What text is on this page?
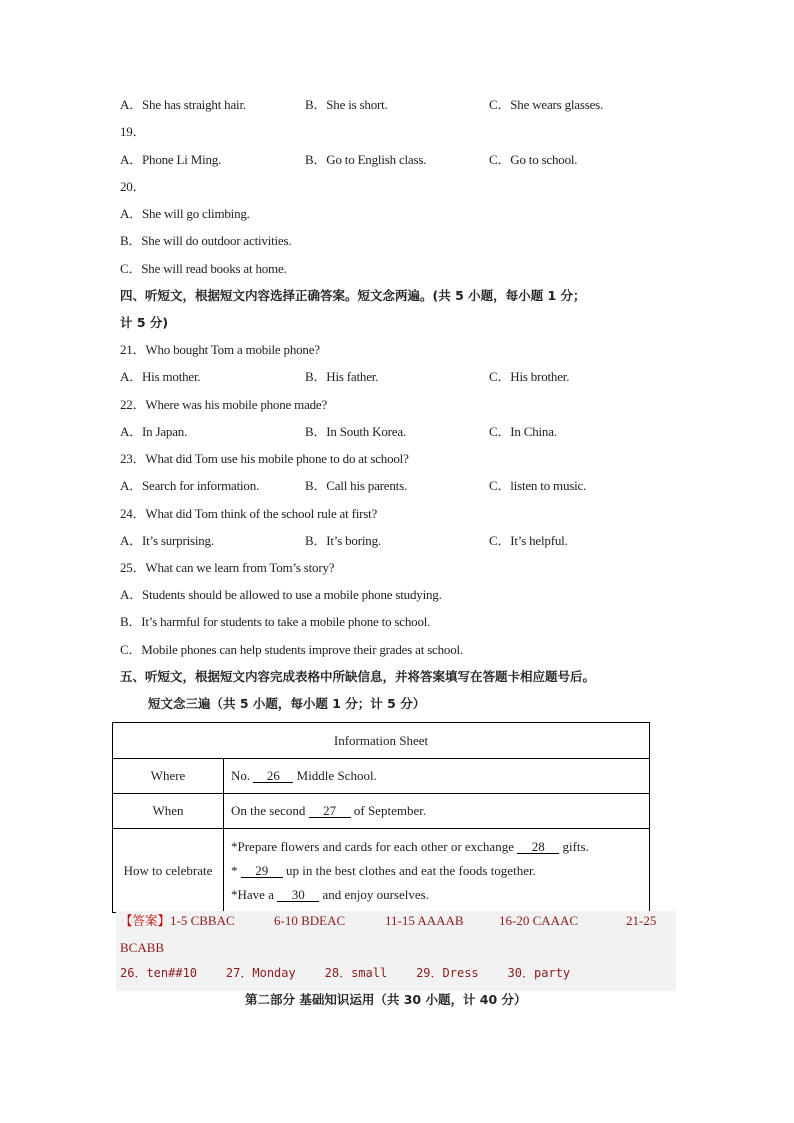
A．She has straight hair.	B．She is short.	C．She wears glasses.
19．
A．Phone Li Ming.	B．Go to English class.	C．Go to school.
20．
A．She will go climbing.
B．She will do outdoor activities.
C．She will read books at home.
四、听短文，根据短文内容选择正确答案。短文念两遍。(共 5 小题，每小题 1 分；
计 5 分)
21．Who bought Tom a mobile phone?
A．His mother.	B．His father.	C．His brother.
22．Where was his mobile phone made?
A．In Japan.	B．In South Korea.	C．In China.
23．What did Tom use his mobile phone to do at school?
A．Search for information.	B．Call his parents.	C．listen to music.
24．What did Tom think of the school rule at first?
A．It’s surprising.	B．It’s boring.	C．It’s helpful.
25．What can we learn from Tom’s story?
A．Students should be allowed to use a mobile phone studying.
B．It’s harmful for students to take a mobile phone to school.
C．Mobile phones can help students improve their grades at school.
五、听短文，根据短文内容完成表格中所缺信息，并将答案填写在答题卡相应题号后。
短文念三遍（共 5 小题，每小题 1 分；计 5 分）
Information Sheet	
Where	No. 26 Middle School.
When	On the second 27 of September.
How to celebrate	*Prepare flowers and cards for each other or exchange 28 gifts.
* 29 up in the best clothes and eat the foods together.
*Have a 30 and enjoy ourselves.
【答案】1-5 CBBAC	6-10 BDEAC	11-15 AAAAB	16-20 CAAAC	21-25
BCABB
26．ten##10    27．Monday    28．small    29．Dress    30．party
第二部分 基础知识运用（共 30 小题，计 40 分）
